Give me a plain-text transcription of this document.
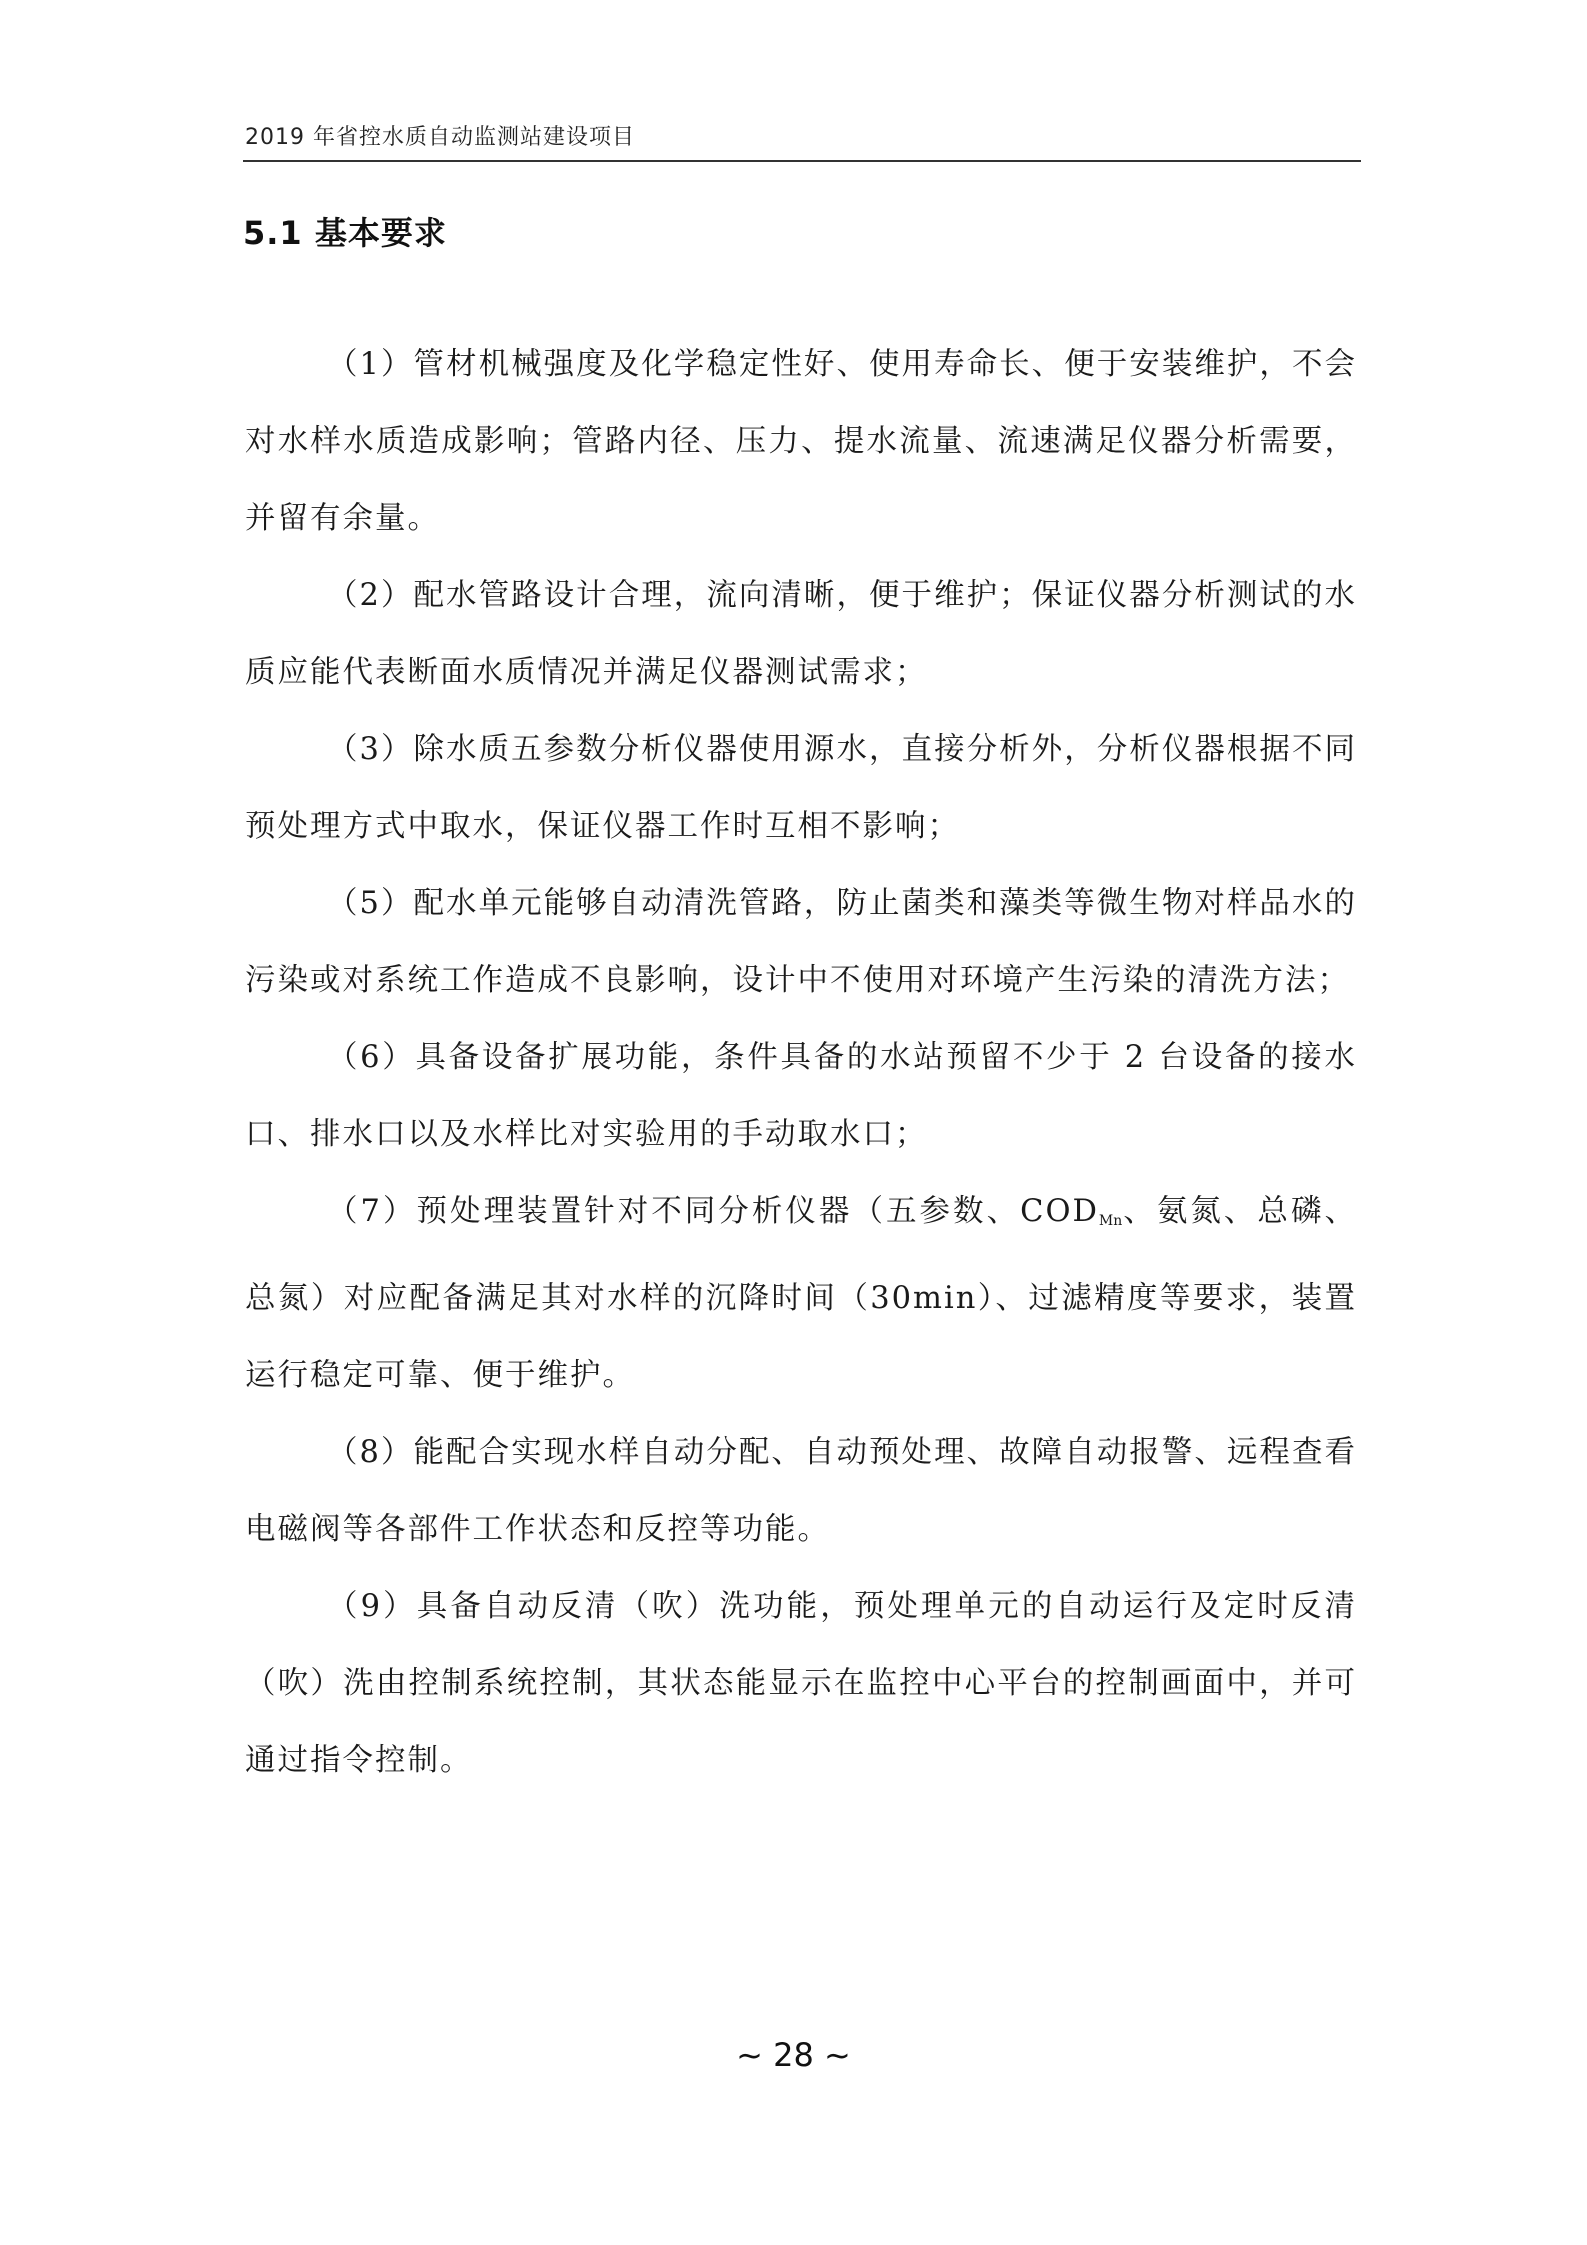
2019 年省控水质自动监测站建设项目
5.1 基本要求

（1）管材机械强度及化学稳定性好、使用寿命长、便于安装维护，不会对水样水质造成影响；管路内径、压力、提水流量、流速满足仪器分析需要，并留有余量。

（2）配水管路设计合理，流向清晰，便于维护；保证仪器分析测试的水质应能代表断面水质情况并满足仪器测试需求；

（3）除水质五参数分析仪器使用源水，直接分析外，分析仪器根据不同预处理方式中取水，保证仪器工作时互相不影响；

（5）配水单元能够自动清洗管路，防止菌类和藻类等微生物对样品水的污染或对系统工作造成不良影响，设计中不使用对环境产生污染的清洗方法；

（6）具备设备扩展功能，条件具备的水站预留不少于 2 台设备的接水口、排水口以及水样比对实验用的手动取水口；

（7）预处理装置针对不同分析仪器（五参数、$COD_{Mn}$、氨氮、总磷、总氮）对应配备满足其对水样的沉降时间（30min）、过滤精度等要求，装置运行稳定可靠、便于维护。

（8）能配合实现水样自动分配、自动预处理、故障自动报警、远程查看电磁阀等各部件工作状态和反控等功能。

（9）具备自动反清（吹）洗功能，预处理单元的自动运行及定时反清（吹）洗由控制系统控制，其状态能显示在监控中心平台的控制画面中，并可通过指令控制。

~ 28 ~
